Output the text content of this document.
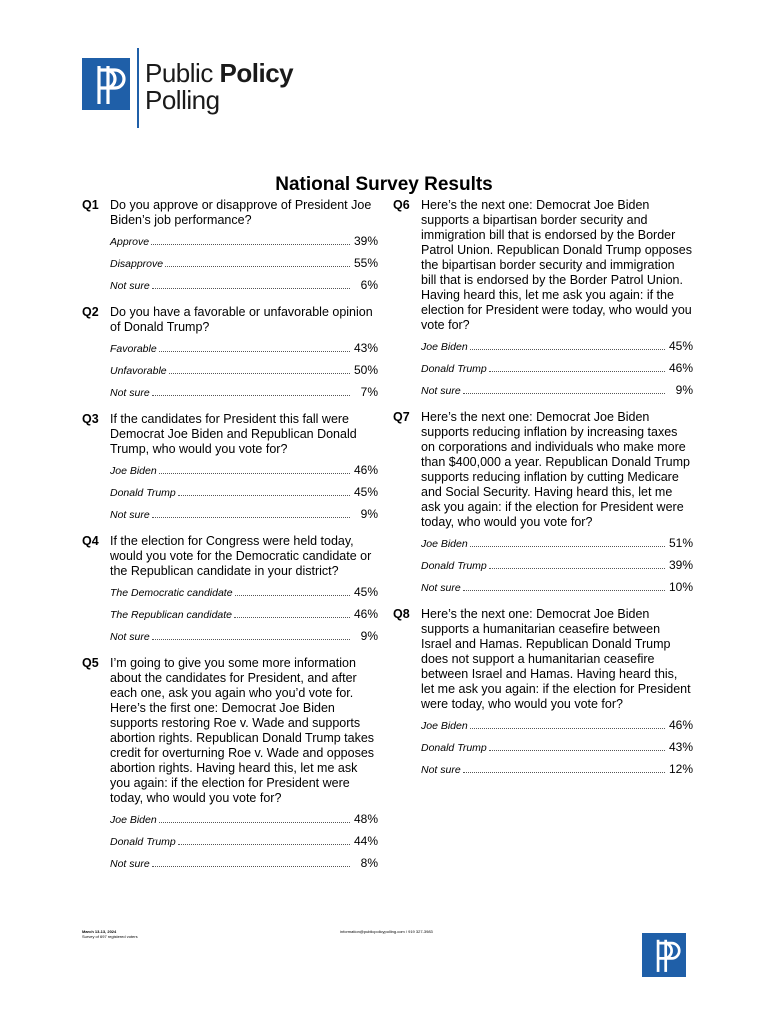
Public Policy
Polling
National Survey Results
Q1 Do you approve or disapprove of President Joe Biden’s job performance?
Approve	39%
Disapprove	55%
Not sure	6%
Q2 Do you have a favorable or unfavorable opinion of Donald Trump?
Favorable	43%
Unfavorable	50%
Not sure	7%
Q3 If the candidates for President this fall were Democrat Joe Biden and Republican Donald Trump, who would you vote for?
Joe Biden	46%
Donald Trump	45%
Not sure	9%
Q4 If the election for Congress were held today, would you vote for the Democratic candidate or the Republican candidate in your district?
The Democratic candidate	45%
The Republican candidate	46%
Not sure	9%
Q5 I’m going to give you some more information about the candidates for President, and after each one, ask you again who you’d vote for. Here’s the first one: Democrat Joe Biden supports restoring Roe v. Wade and supports abortion rights. Republican Donald Trump takes credit for overturning Roe v. Wade and opposes abortion rights. Having heard this, let me ask you again: if the election for President were today, who would you vote for?
Joe Biden	48%
Donald Trump	44%
Not sure	8%
Q6 Here’s the next one: Democrat Joe Biden supports a bipartisan border security and immigration bill that is endorsed by the Border Patrol Union. Republican Donald Trump opposes the bipartisan border security and immigration bill that is endorsed by the Border Patrol Union. Having heard this, let me ask you again: if the election for President were today, who would you vote for?
Joe Biden	45%
Donald Trump	46%
Not sure	9%
Q7 Here’s the next one: Democrat Joe Biden supports reducing inflation by increasing taxes on corporations and individuals who make more than $400,000 a year. Republican Donald Trump supports reducing inflation by cutting Medicare and Social Security. Having heard this, let me ask you again: if the election for President were today, who would you vote for?
Joe Biden	51%
Donald Trump	39%
Not sure	10%
Q8 Here’s the next one: Democrat Joe Biden supports a humanitarian ceasefire between Israel and Hamas. Republican Donald Trump does not support a humanitarian ceasefire between Israel and Hamas. Having heard this, let me ask you again: if the election for President were today, who would you vote for?
Joe Biden	46%
Donald Trump	43%
Not sure	12%
March 13-13, 2024
Survey of 697 registered voters
information@publicpolicypolling.com / 919 327-3983
